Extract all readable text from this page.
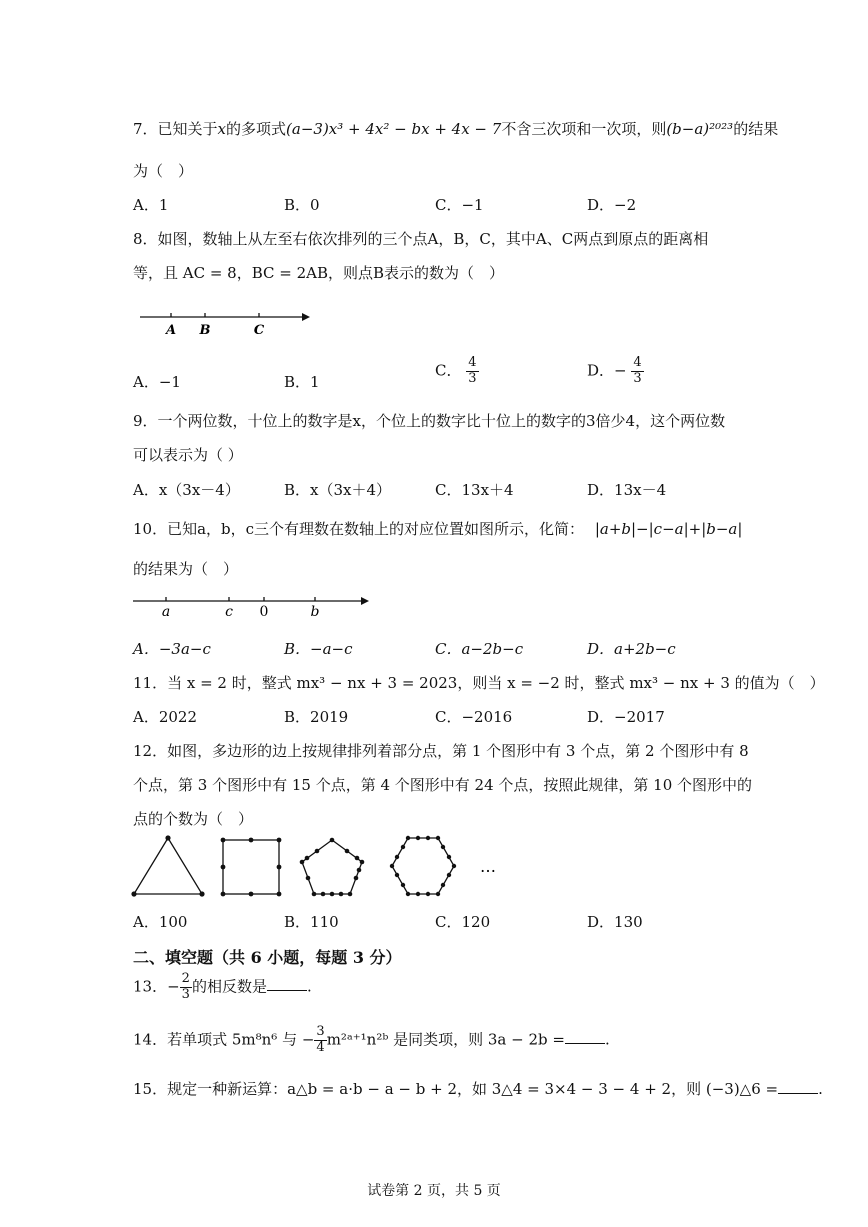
7．已知关于x的多项式(a−3)x³ + 4x² − bx + 4x − 7不含三次项和一次项，则(b−a)²⁰²³的结果
为（　）
A．1	B．0	C．−1	D．−2
8．如图，数轴上从左至右依次排列的三个点A，B，C，其中A、C两点到原点的距离相
等，且 AC = 8，BC = 2AB，则点B表示的数为（　）
A B	C
A．−1	B．1
C． $\frac{4}{3}$	D．− $\frac{4}{3}$
9．一个两位数，十位上的数字是x，个位上的数字比十位上的数字的3倍少4，这个两位数
可以表示为（ ）
A．x（3x－4）	B．x（3x＋4）	C．13x＋4	D．13x－4
10．已知a，b，c三个有理数在数轴上的对应位置如图所示，化简： |a+b|−|c−a|+|b−a|
的结果为（　）
a	c 0	b
A．−3a−c	B．−a−c	C．a−2b−c	D．a+2b−c
11．当 x = 2 时，整式 mx³ − nx + 3 = 2023，则当 x = −2 时，整式 mx³ − nx + 3 的值为（　）
A．2022	B．2019	C．−2016	D．−2017
12．如图，多边形的边上按规律排列着部分点，第 1 个图形中有 3 个点，第 2 个图形中有 8
个点，第 3 个图形中有 15 个点，第 4 个图形中有 24 个点，按照此规律，第 10 个图形中的
点的个数为（　）
…
A．100	B．110	C．120	D．130
二、填空题（共 6 小题，每题 3 分）
13．− $\frac{2}{3}$ 的相反数是	.
14．若单项式 5m⁸n⁶ 与 − $\frac{3}{4}$ m²ᵃ⁺¹n²ᵇ 是同类项，则 3a − 2b =	.
15．规定一种新运算：a△b = a·b − a − b + 2，如 3△4 = 3×4 − 3 − 4 + 2，则 (−3)△6 =	.
试卷第 2 页，共 5 页
